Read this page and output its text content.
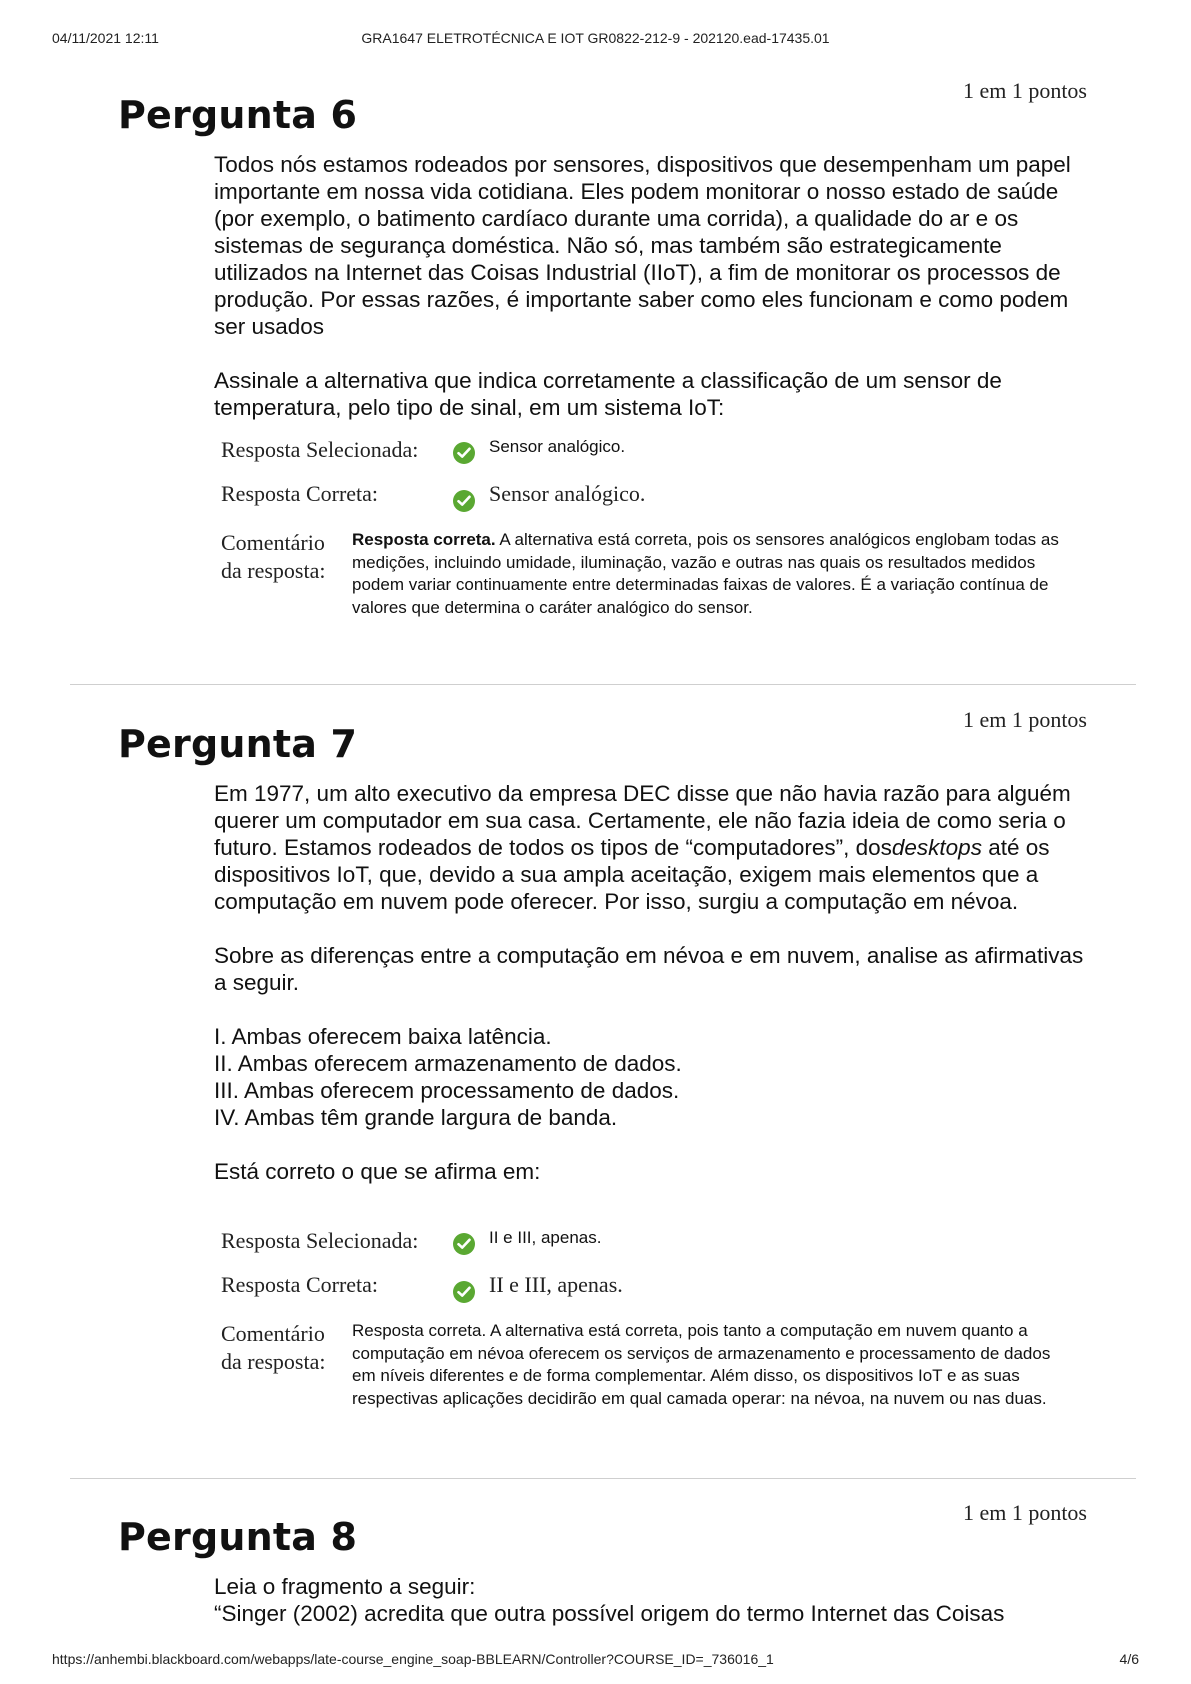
04/11/2021 12:11	GRA1647 ELETROTÉCNICA E IOT GR0822-212-9 - 202120.ead-17435.01
1 em 1 pontos
Pergunta 6

Todos nós estamos rodeados por sensores, dispositivos que desempenham um papel importante em nossa vida cotidiana. Eles podem monitorar o nosso estado de saúde (por exemplo, o batimento cardíaco durante uma corrida), a qualidade do ar e os sistemas de segurança doméstica. Não só, mas também são estrategicamente utilizados na Internet das Coisas Industrial (IIoT), a fim de monitorar os processos de produção. Por essas razões, é importante saber como eles funcionam e como podem ser usados

Assinale a alternativa que indica corretamente a classificação de um sensor de temperatura, pelo tipo de sinal, em um sistema IoT:

Resposta Selecionada:	Sensor analógico.
Resposta Correta:	Sensor analógico.
Comentário
da resposta:
Resposta correta. A alternativa está correta, pois os sensores analógicos englobam todas as medições, incluindo umidade, iluminação, vazão e outras nas quais os resultados medidos podem variar continuamente entre determinadas faixas de valores. É a variação contínua de valores que determina o caráter analógico do sensor.
1 em 1 pontos
Pergunta 7

Em 1977, um alto executivo da empresa DEC disse que não havia razão para alguém querer um computador em sua casa. Certamente, ele não fazia ideia de como seria o futuro. Estamos rodeados de todos os tipos de “computadores”, dosdesktops até os dispositivos IoT, que, devido a sua ampla aceitação, exigem mais elementos que a computação em nuvem pode oferecer. Por isso, surgiu a computação em névoa.

Sobre as diferenças entre a computação em névoa e em nuvem, analise as afirmativas a seguir.

I. Ambas oferecem baixa latência.

II. Ambas oferecem armazenamento de dados.

III. Ambas oferecem processamento de dados.

IV. Ambas têm grande largura de banda.

Está correto o que se afirma em:

Resposta Selecionada:	II e III, apenas.
Resposta Correta:	II e III, apenas.
Comentário
da resposta:
Resposta correta. A alternativa está correta, pois tanto a computação em nuvem quanto a computação em névoa oferecem os serviços de armazenamento e processamento de dados em níveis diferentes e de forma complementar. Além disso, os dispositivos IoT e as suas respectivas aplicações decidirão em qual camada operar: na névoa, na nuvem ou nas duas.
1 em 1 pontos
Pergunta 8

Leia o fragmento a seguir:

“Singer (2002) acredita que outra possível origem do termo Internet das Coisas

https://anhembi.blackboard.com/webapps/late-course_engine_soap-BBLEARN/Controller?COURSE_ID=_736016_1	4/6
